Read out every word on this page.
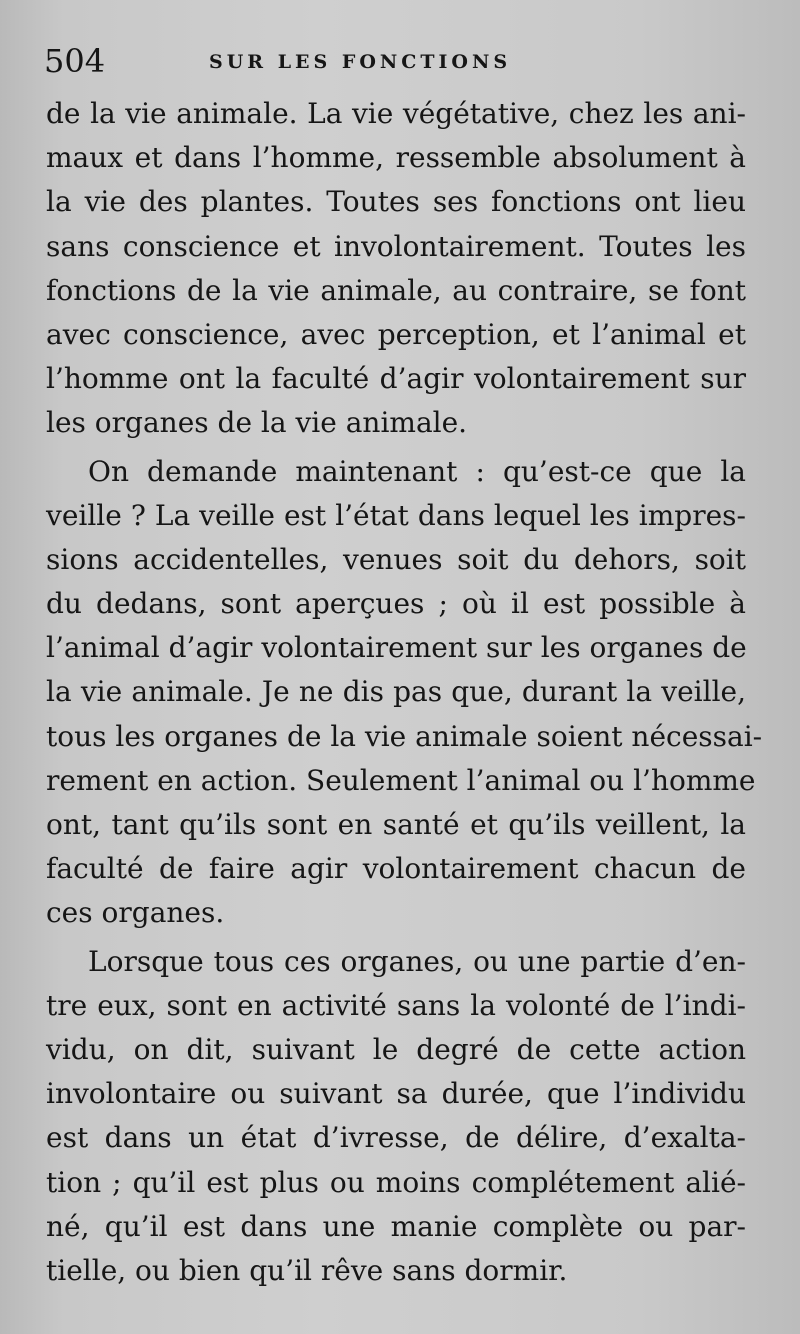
504	SUR LES FONCTIONS
de la vie animale. La vie végétative, chez les ani-
maux et dans l’homme, ressemble absolument à
la vie des plantes. Toutes ses fonctions ont lieu
sans conscience et involontairement. Toutes les
fonctions de la vie animale, au contraire, se font
avec conscience, avec perception, et l’animal et
l’homme ont la faculté d’agir volontairement sur
les organes de la vie animale.
On demande maintenant : qu’est-ce que la
veille ? La veille est l’état dans lequel les impres-
sions accidentelles, venues soit du dehors, soit
du dedans, sont aperçues ; où il est possible à
l’animal d’agir volontairement sur les organes de
la vie animale. Je ne dis pas que, durant la veille,
tous les organes de la vie animale soient nécessai-
rement en action. Seulement l’animal ou l’homme
ont, tant qu’ils sont en santé et qu’ils veillent, la
faculté de faire agir volontairement chacun de
ces organes.
Lorsque tous ces organes, ou une partie d’en-
tre eux, sont en activité sans la volonté de l’indi-
vidu, on dit, suivant le degré de cette action
involontaire ou suivant sa durée, que l’individu
est dans un état d’ivresse, de délire, d’exalta-
tion ; qu’il est plus ou moins complétement alié-
né, qu’il est dans une manie complète ou par-
tielle, ou bien qu’il rêve sans dormir.
